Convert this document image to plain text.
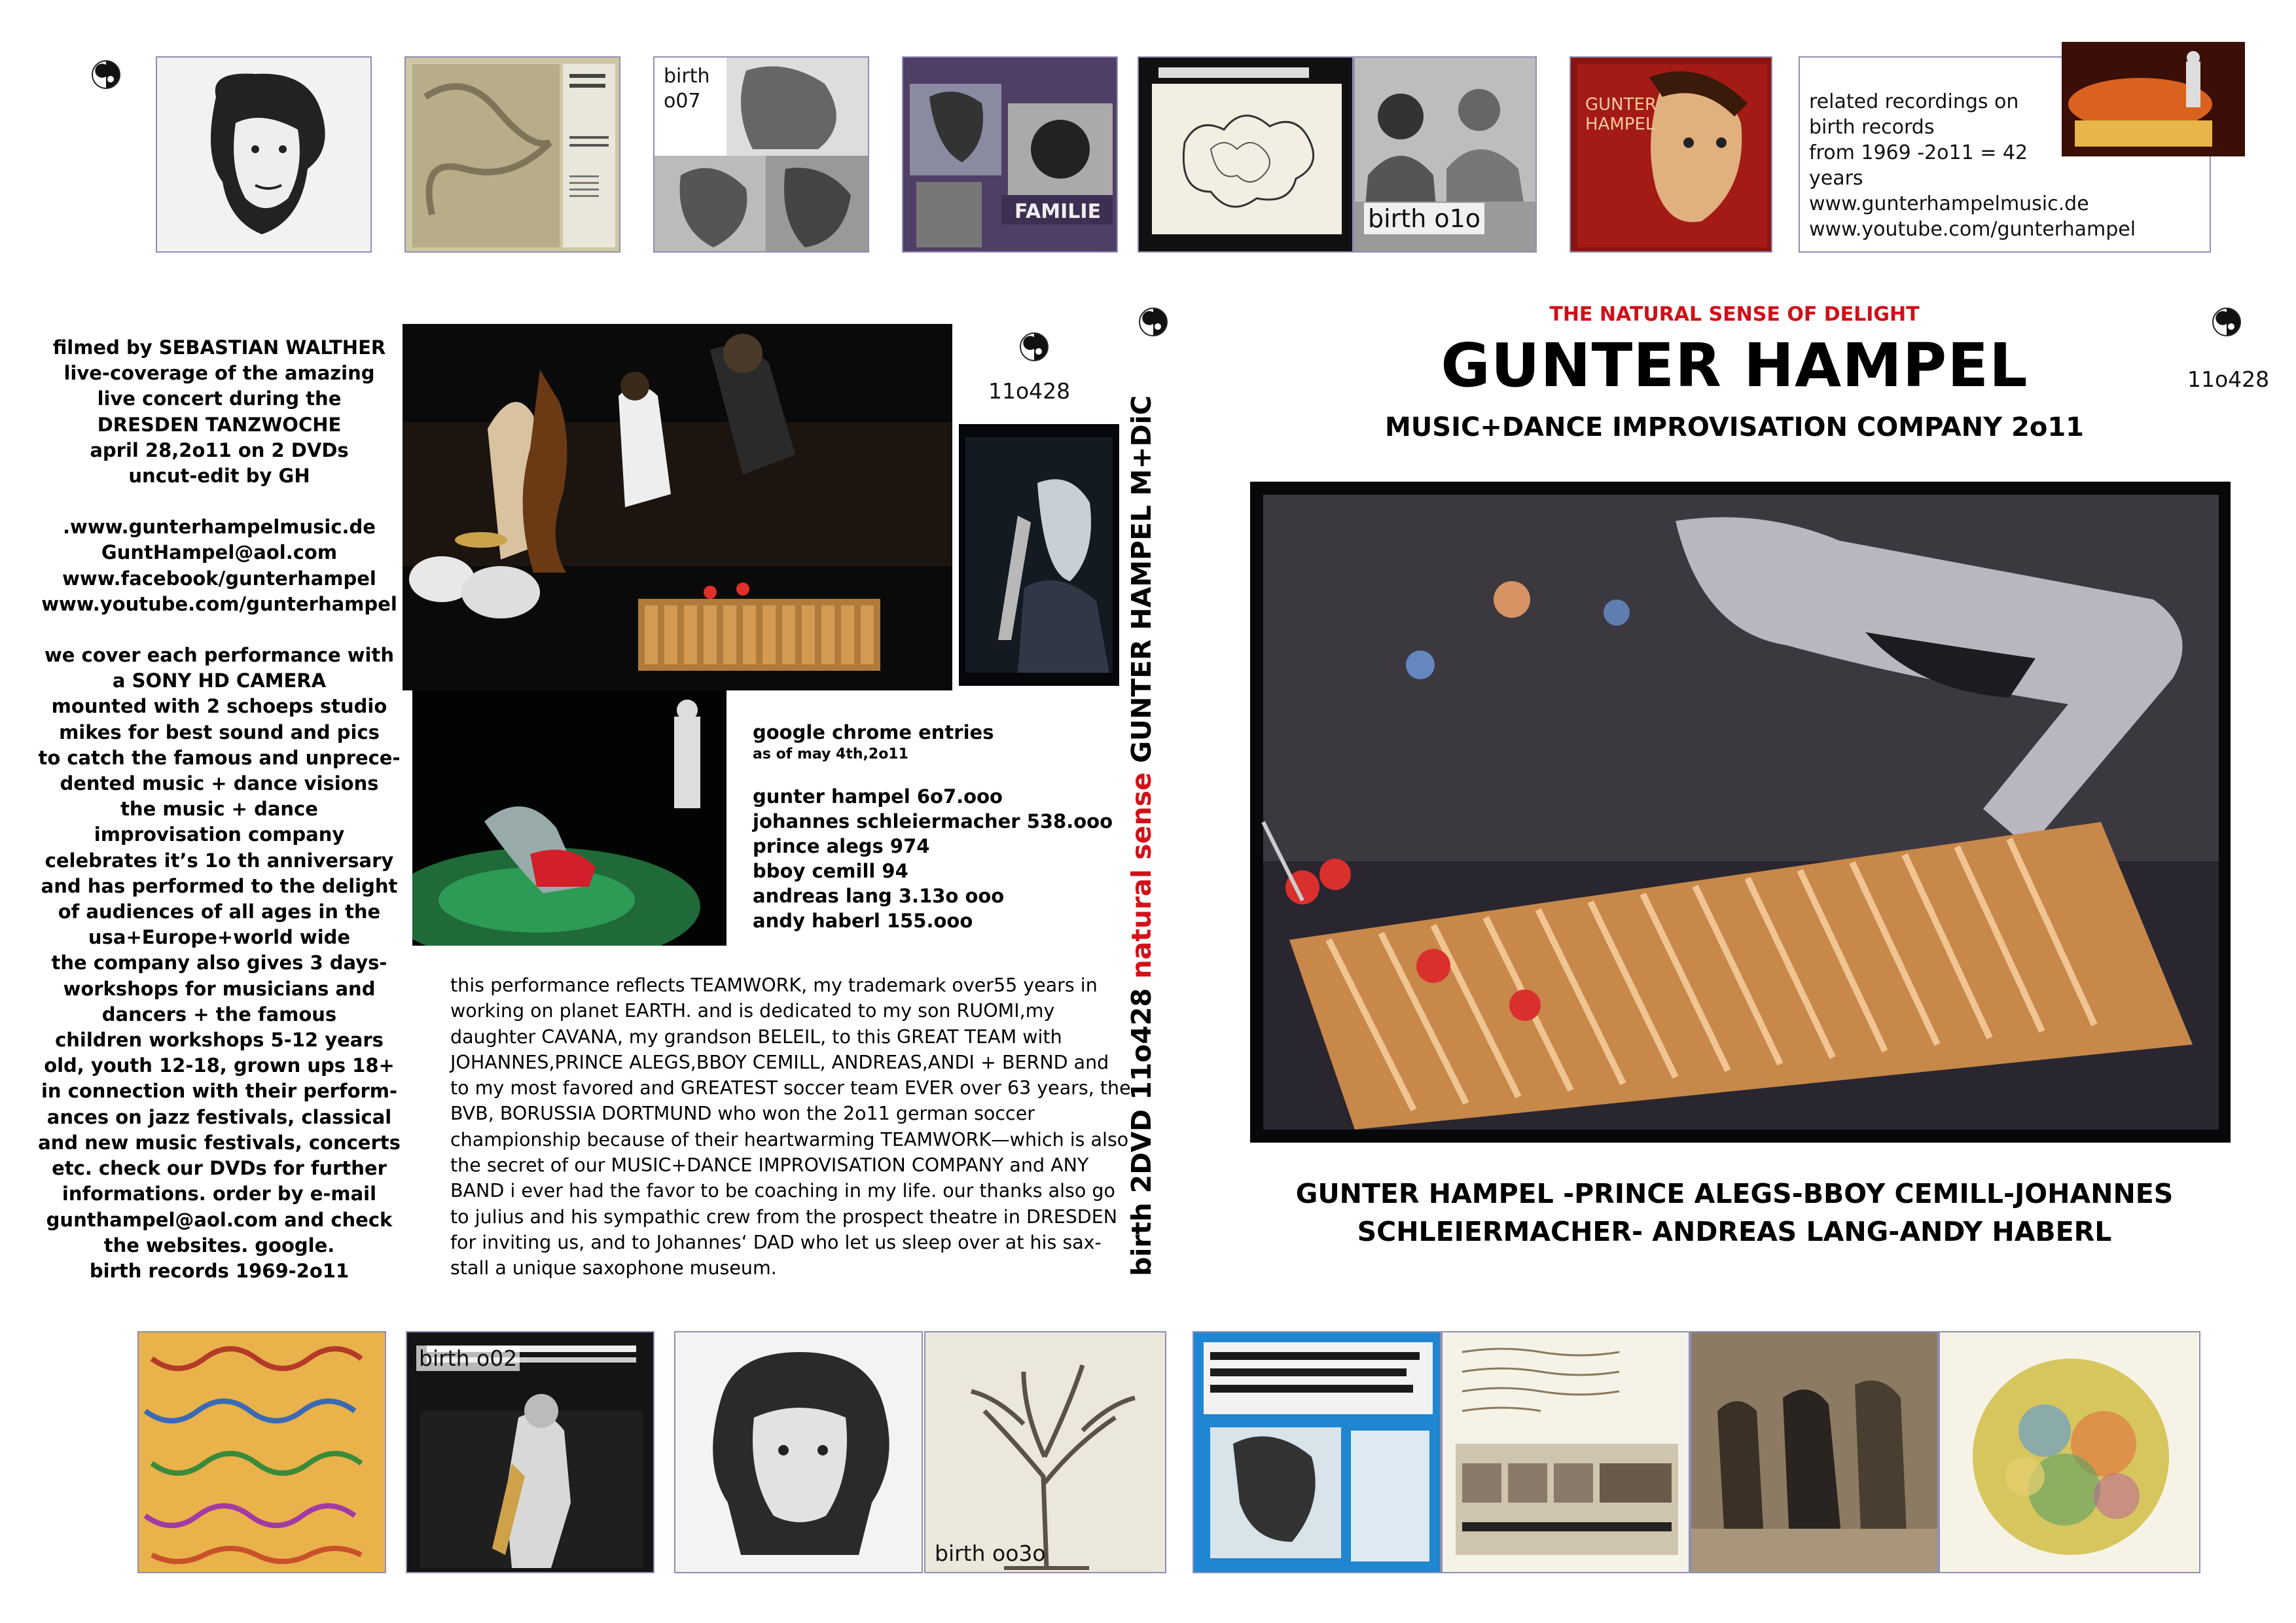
birth
o07
FAMILIE	birth o1o
GUNTER
HAMPEL
related recordings on
birth records
from 1969 -2o11 = 42
years
www.gunterhampelmusic.de
www.youtube.com/gunterhampel

filmed by SEBASTIAN WALTHER
live-coverage of the amazing
live concert during the
DRESDEN TANZWOCHE
april 28,2o11 on 2 DVDs
uncut-edit by GH

.www.gunterhampelmusic.de
GuntHampel@aol.com
www.facebook/gunterhampel
www.youtube.com/gunterhampel

we cover each performance with
a SONY HD CAMERA
mounted with 2 schoeps studio
mikes for best sound and pics
to catch the famous and unprece-
dented music + dance visions
the music + dance
improvisation company
celebrates it’s 1o th anniversary
and has performed to the delight
of audiences of all ages in the
usa+Europe+world wide
the company also gives 3 days-
workshops for musicians and
dancers + the famous
children workshops 5-12 years
old, youth 12-18, grown ups 18+
in connection with their perform-
ances on jazz festivals, classical
and new music festivals, concerts
etc. check our DVDs for further
informations. order by e-mail
gunthampel@aol.com and check
the websites. google.
birth records 1969-2o11

11o428
google chrome entries
as of may 4th,2o11
gunter hampel 6o7.ooo
johannes schleiermacher 538.ooo
prince alegs 974
bboy cemill 94
andreas lang 3.13o ooo
andy haberl 155.ooo
this performance reflects TEAMWORK, my trademark over55 years in working on planet EARTH. and is dedicated to my son RUOMI,my daughter CAVANA, my grandson BELEIL, to this GREAT TEAM with JOHANNES,PRINCE ALEGS,BBOY CEMILL, ANDREAS,ANDI + BERND and to my most favored and GREATEST soccer team EVER over 63 years, the BVB, BORUSSIA DORTMUND who won the 2o11 german soccer championship because of their heartwarming TEAMWORK—which is also the secret of our MUSIC+DANCE IMPROVISATION COMPANY and ANY BAND i ever had the favor to be coaching in my life. our thanks also go to julius and his sympathic crew from the prospect theatre in DRESDEN for inviting us, and to Johannes‘ DAD who let us sleep over at his sax-stall a unique saxophone museum.	birth 2DVD 11o428 natural sense GUNTER HAMPEL M+DiC
THE NATURAL SENSE OF DELIGHT
GUNTER HAMPEL
MUSIC+DANCE IMPROVISATION COMPANY 2o11
11o428
GUNTER HAMPEL -PRINCE ALEGS-BBOY CEMILL-JOHANNES
SCHLEIERMACHER- ANDREAS LANG-ANDY HABERL
birth o02
birth oo3o
